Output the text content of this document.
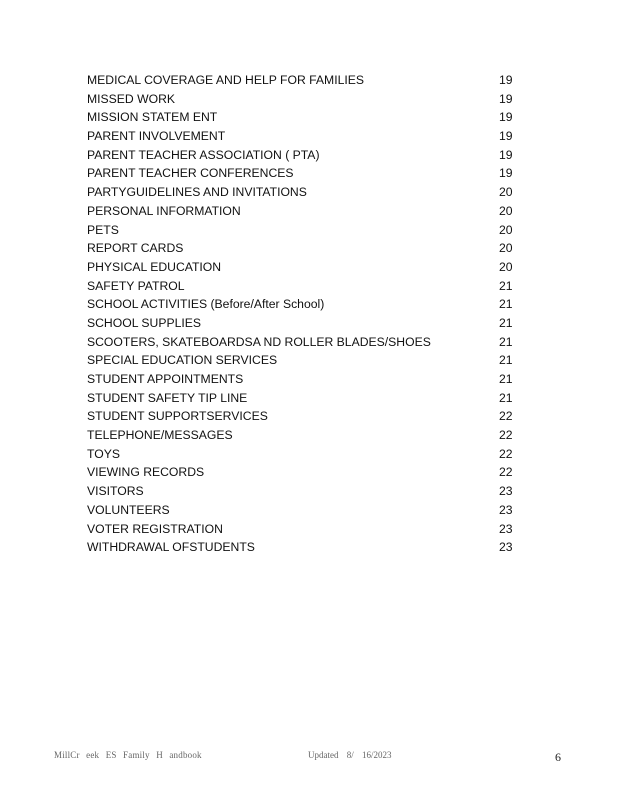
MEDICAL COVERAGE AND HELP FOR FAMILIES	19
MISSED WORK	19
MISSION STATEM ENT	19
PARENT INVOLVEMENT	19
PARENT TEACHER ASSOCIATION ( PTA)	19
PARENT TEACHER CONFERENCES	19
PARTYGUIDELINES AND INVITATIONS	20
PERSONAL INFORMATION	20
PETS	20
REPORT CARDS	20
PHYSICAL EDUCATION	20
SAFETY PATROL	21
SCHOOL ACTIVITIES (Before/After School)	21
SCHOOL SUPPLIES	21
SCOOTERS, SKATEBOARDSA ND ROLLER BLADES/SHOES	21
SPECIAL EDUCATION SERVICES	21
STUDENT APPOINTMENTS	21
STUDENT SAFETY TIP LINE	21
STUDENT SUPPORTSERVICES	22
TELEPHONE/MESSAGES	22
TOYS	22
VIEWING RECORDS	22
VISITORS	23
VOLUNTEERS	23
VOTER REGISTRATION	23
WITHDRAWAL OFSTUDENTS	23
MillCr eek ES Family H andbook	Updated 8/ 16/2023	6
